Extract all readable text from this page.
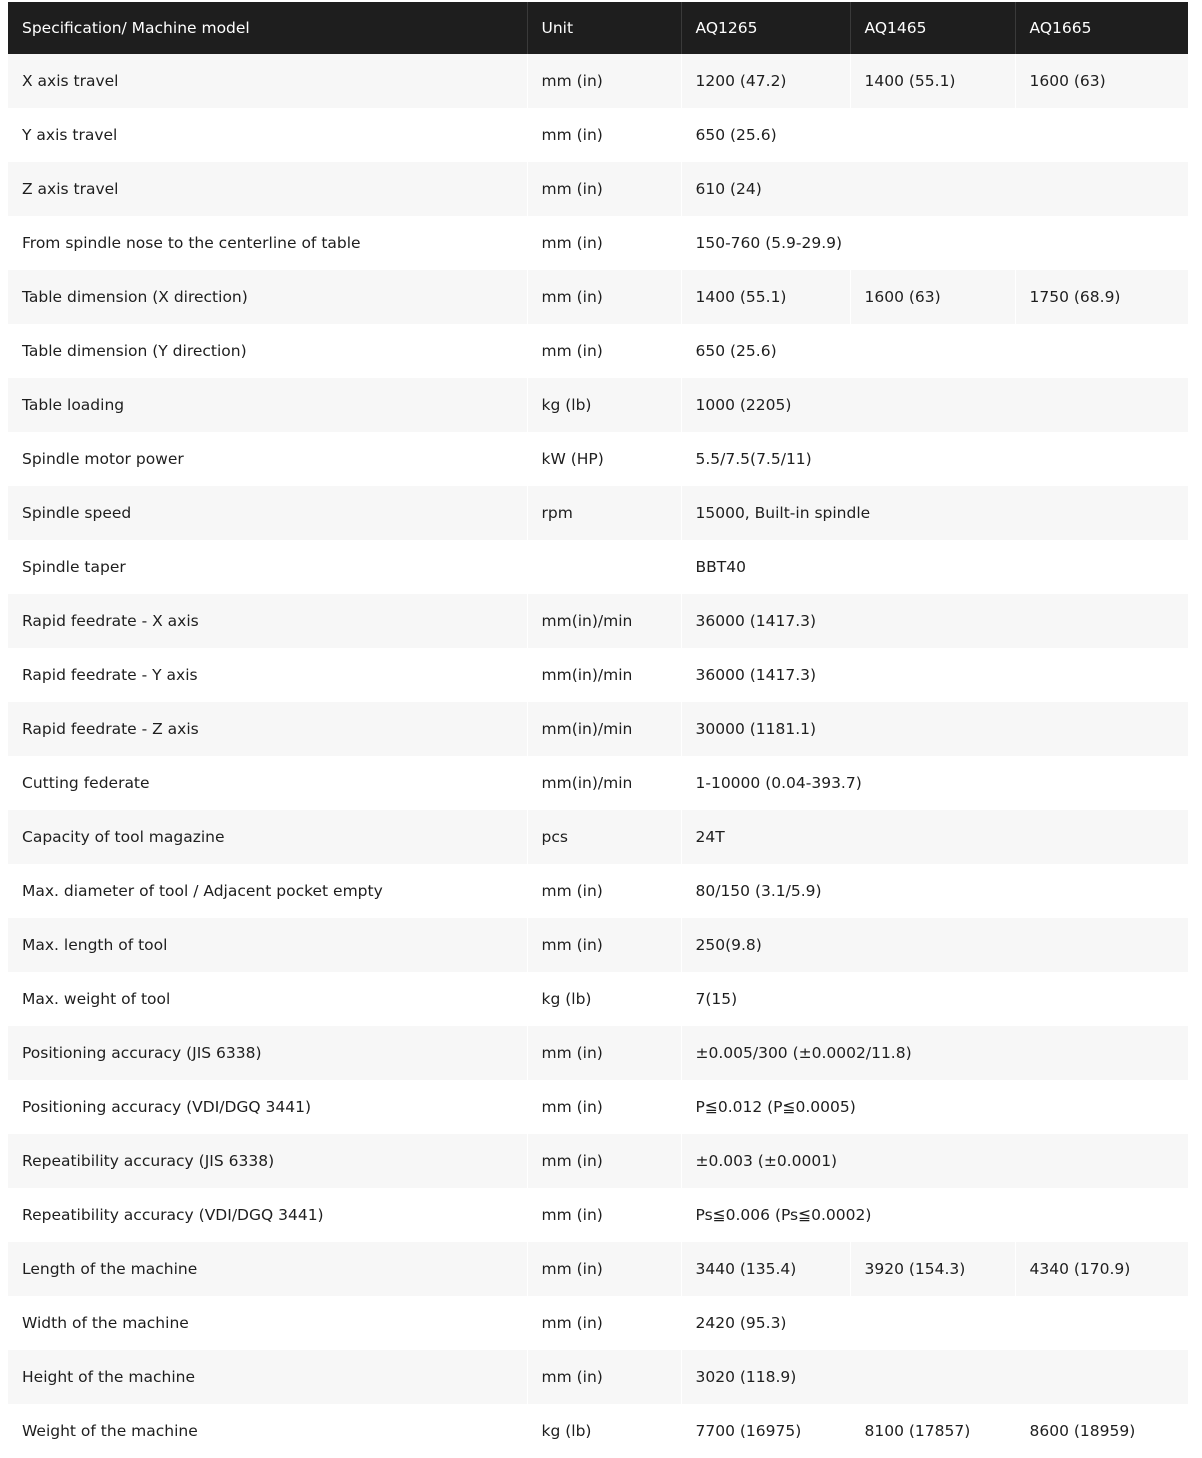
Specification/ Machine model	Unit	AQ1265	AQ1465	AQ1665
X axis travel	mm (in)	1200 (47.2)	1400 (55.1)	1600 (63)
Y axis travel	mm (in)	650 (25.6)		
Z axis travel	mm (in)	610 (24)		
From spindle nose to the centerline of table	mm (in)	150-760 (5.9-29.9)		
Table dimension (X direction)	mm (in)	1400 (55.1)	1600 (63)	1750 (68.9)
Table dimension (Y direction)	mm (in)	650 (25.6)		
Table loading	kg (lb)	1000 (2205)		
Spindle motor power	kW (HP)	5.5/7.5(7.5/11)		
Spindle speed	rpm	15000, Built-in spindle		
Spindle taper		BBT40		
Rapid feedrate - X axis	mm(in)/min	36000 (1417.3)		
Rapid feedrate - Y axis	mm(in)/min	36000 (1417.3)		
Rapid feedrate - Z axis	mm(in)/min	30000 (1181.1)		
Cutting federate	mm(in)/min	1-10000 (0.04-393.7)		
Capacity of tool magazine	pcs	24T		
Max. diameter of tool / Adjacent pocket empty	mm (in)	80/150 (3.1/5.9)		
Max. length of tool	mm (in)	250(9.8)		
Max. weight of tool	kg (lb)	7(15)		
Positioning accuracy (JIS 6338)	mm (in)	±0.005/300 (±0.0002/11.8)		
Positioning accuracy (VDI/DGQ 3441)	mm (in)	P≦0.012 (P≦0.0005)		
Repeatibility accuracy (JIS 6338)	mm (in)	±0.003 (±0.0001)		
Repeatibility accuracy (VDI/DGQ 3441)	mm (in)	Ps≦0.006 (Ps≦0.0002)		
Length of the machine	mm (in)	3440 (135.4)	3920 (154.3)	4340 (170.9)
Width of the machine	mm (in)	2420 (95.3)		
Height of the machine	mm (in)	3020 (118.9)		
Weight of the machine	kg (lb)	7700 (16975)	8100 (17857)	8600 (18959)
